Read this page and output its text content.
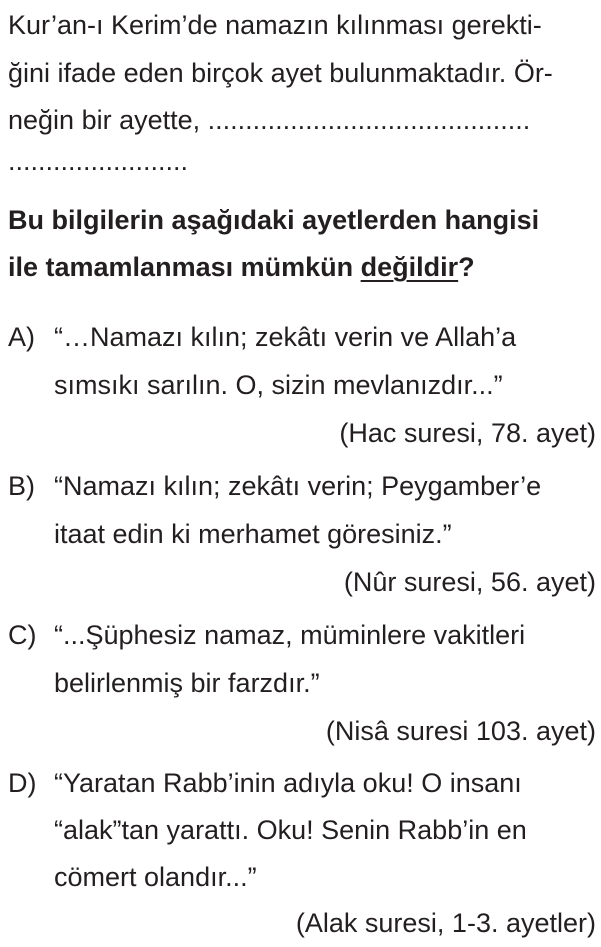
Kur’an-ı Kerim’de namazın kılınması gerekti-
ğini ifade eden birçok ayet bulunmaktadır. Ör-
neğin bir ayette, ...........................................
........................
Bu bilgilerin aşağıdaki ayetlerden hangisi
ile tamamlanması mümkün değildir?
A) “…Namazı kılın; zekâtı verin ve Allah’a
sımsıkı sarılın. O, sizin mevlanızdır...”
(Hac suresi, 78. ayet)
B) “Namazı kılın; zekâtı verin; Peygamber’e
itaat edin ki merhamet göresiniz.”
(Nûr suresi, 56. ayet)
C) “...Şüphesiz namaz, müminlere vakitleri
belirlenmiş bir farzdır.”
(Nisâ suresi 103. ayet)
D) “Yaratan Rabb’inin adıyla oku! O insanı
“alak”tan yarattı. Oku! Senin Rabb’in en
cömert olandır...”
(Alak suresi, 1-3. ayetler)
